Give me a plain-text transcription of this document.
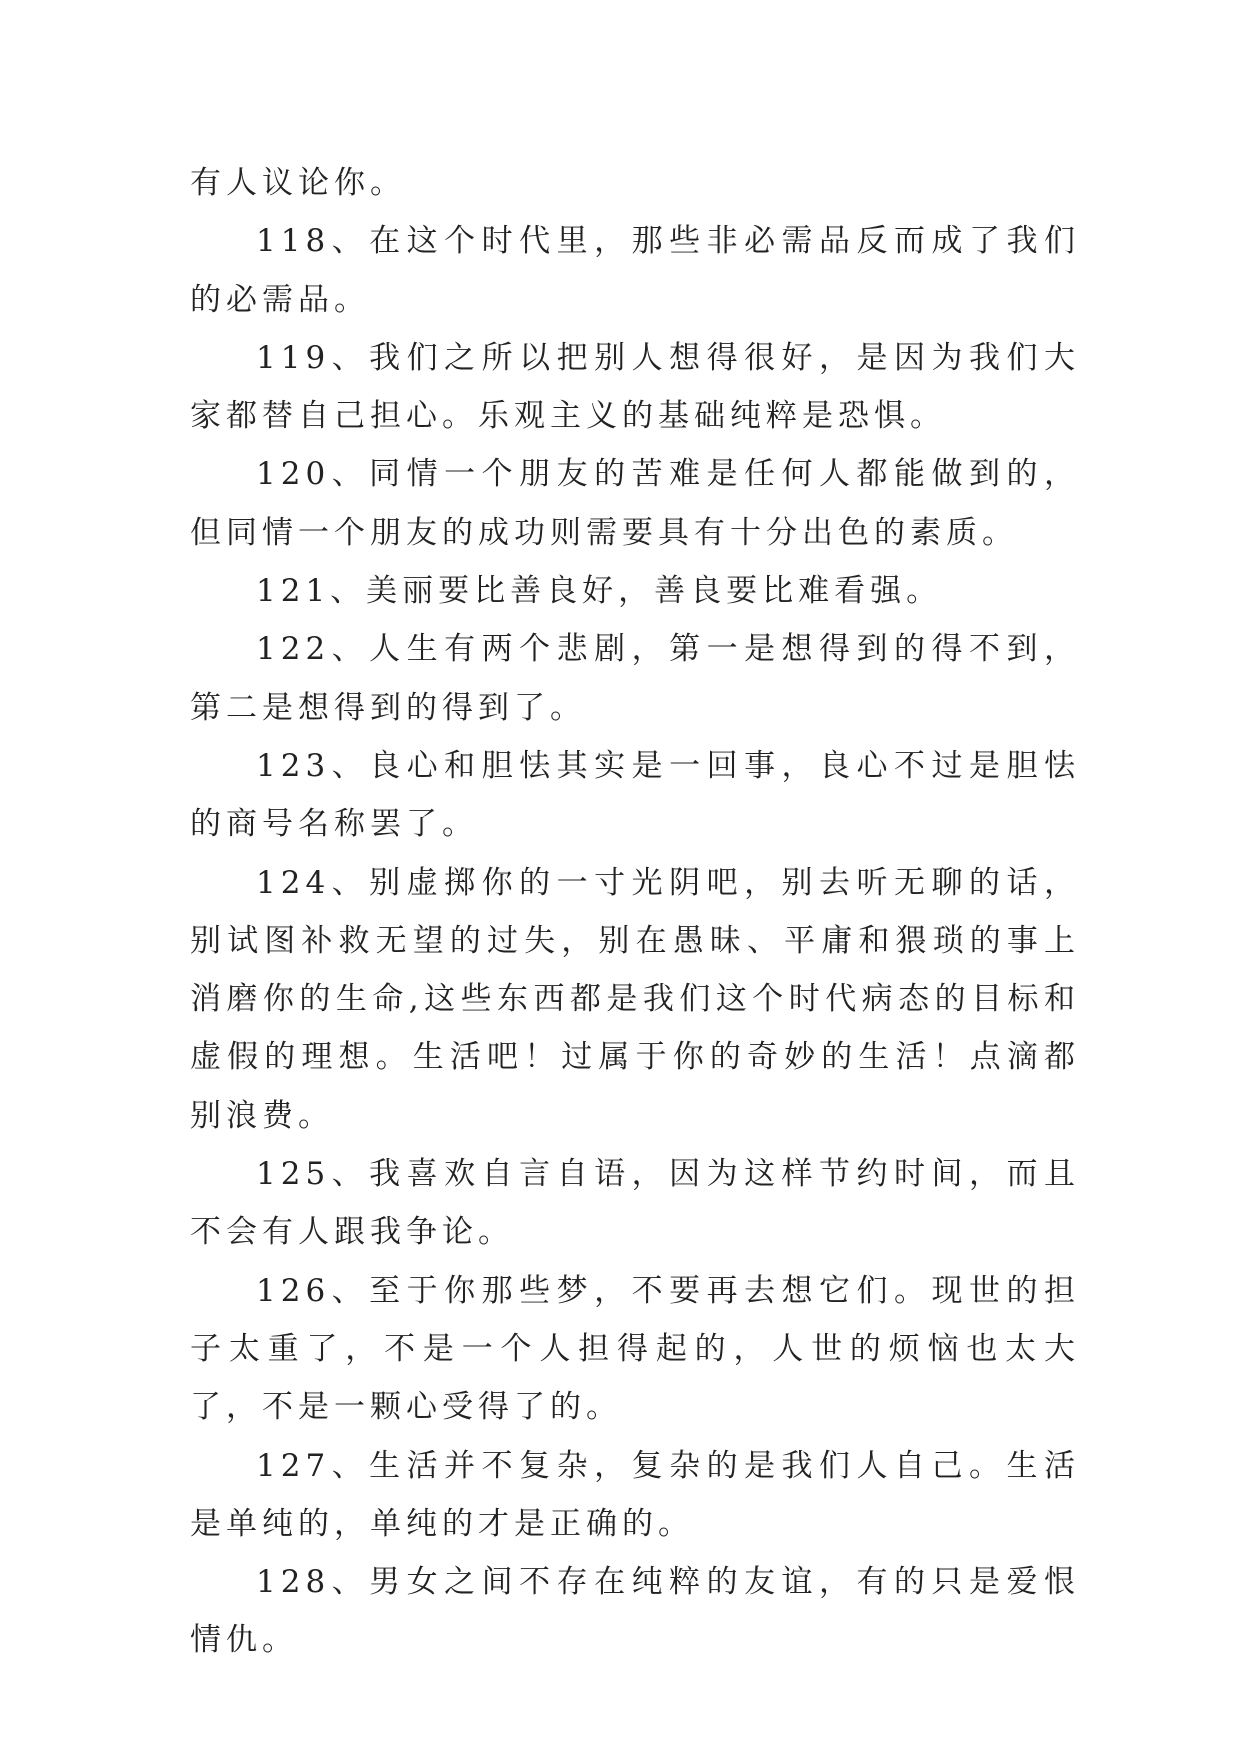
有人议论你。

118、在这个时代里，那些非必需品反而成了我们的必需品。

119、我们之所以把别人想得很好，是因为我们大家都替自己担心。乐观主义的基础纯粹是恐惧。

120、同情一个朋友的苦难是任何人都能做到的，但同情一个朋友的成功则需要具有十分出色的素质。

121、美丽要比善良好，善良要比难看强。

122、人生有两个悲剧，第一是想得到的得不到，第二是想得到的得到了。

123、良心和胆怯其实是一回事，良心不过是胆怯的商号名称罢了。

124、别虚掷你的一寸光阴吧，别去听无聊的话，别试图补救无望的过失，别在愚昧、平庸和猥琐的事上消磨你的生命,这些东西都是我们这个时代病态的目标和虚假的理想。生活吧！过属于你的奇妙的生活！点滴都别浪费。

125、我喜欢自言自语，因为这样节约时间，而且不会有人跟我争论。

126、至于你那些梦，不要再去想它们。现世的担子太重了，不是一个人担得起的，人世的烦恼也太大了，不是一颗心受得了的。

127、生活并不复杂，复杂的是我们人自己。生活是单纯的，单纯的才是正确的。

128、男女之间不存在纯粹的友谊，有的只是爱恨情仇。
